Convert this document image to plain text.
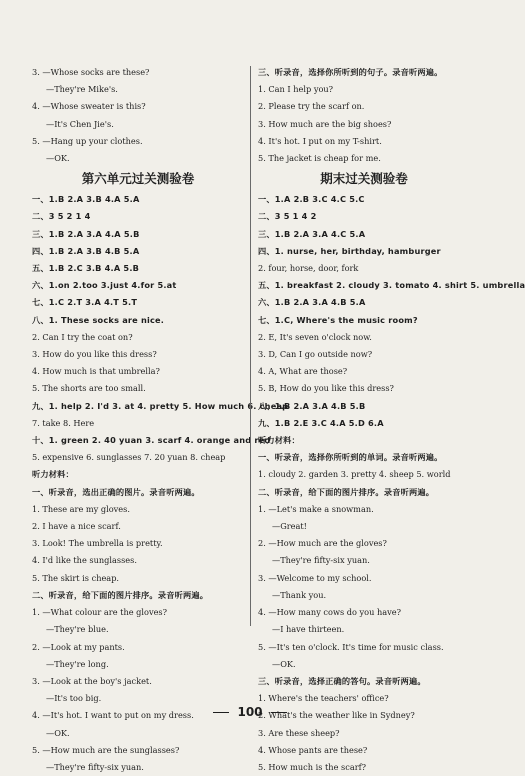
3. —Whose socks are these?
—They're Mike's.
4. —Whose sweater is this?
—It's Chen Jie's.
5. —Hang up your clothes.
—OK.
第六单元过关测验卷
一、1.B 2.A 3.B 4.A 5.A
二、3 5 2 1 4
三、1.B 2.A 3.A 4.A 5.B
四、1.B 2.A 3.B 4.B 5.A
五、1.B 2.C 3.B 4.A 5.B
六、1.on 2.too 3.just 4.for 5.at
七、1.C 2.T 3.A 4.T 5.T
八、1. These socks are nice.
2. Can I try the coat on?
3. How do you like this dress?
4. How much is that umbrella?
5. The shorts are too small.
九、1. help 2. I'd 3. at 4. pretty 5. How much 6. cheap
7. take 8. Here
十、1. green 2. 40 yuan 3. scarf 4. orange and red
5. expensive 6. sunglasses 7. 20 yuan 8. cheap
听力材料：
一、听录音，选出正确的图片。录音听两遍。
1. These are my gloves.
2. I have a nice scarf.
3. Look! The umbrella is pretty.
4. I'd like the sunglasses.
5. The skirt is cheap.
二、听录音，给下面的图片排序。录音听两遍。
1. —What colour are the gloves?
—They're blue.
2. —Look at my pants.
—They're long.
3. —Look at the boy's jacket.
—It's too big.
4. —It's hot. I want to put on my dress.
—OK.
5. —How much are the sunglasses?
—They're fifty-six yuan.
三、听录音，选择你所听到的句子。录音听两遍。
1. Can I help you?
2. Please try the scarf on.
3. How much are the big shoes?
4. It's hot. I put on my T-shirt.
5. The jacket is cheap for me.
期末过关测验卷
一、1.A 2.B 3.C 4.C 5.C
二、3 5 1 4 2
三、1.B 2.A 3.A 4.C 5.A
四、1. nurse, her, birthday, hamburger
2. four, horse, door, fork
五、1. breakfast 2. cloudy 3. tomato 4. shirt 5. umbrella
六、1.B 2.A 3.A 4.B 5.A
七、1.C, Where's the music room?
2. E, It's seven o'clock now.
3. D, Can I go outside now?
4. A, What are those?
5. B, How do you like this dress?
八、1.B 2.A 3.A 4.B 5.B
九、1.B 2.E 3.C 4.A 5.D 6.A
听力材料：
一、听录音，选择你所听到的单词。录音听两遍。
1. cloudy 2. garden 3. pretty 4. sheep 5. world
二、听录音，给下面的图片排序。录音听两遍。
1. —Let's make a snowman.
—Great!
2. —How much are the gloves?
—They're fifty-six yuan.
3. —Welcome to my school.
—Thank you.
4. —How many cows do you have?
—I have thirteen.
5. —It's ten o'clock. It's time for music class.
—OK.
三、听录音，选择正确的答句。录音听两遍。
1. Where's the teachers' office?
2. What's the weather like in Sydney?
3. Are these sheep?
4. Whose pants are these?
5. How much is the scarf?
100
